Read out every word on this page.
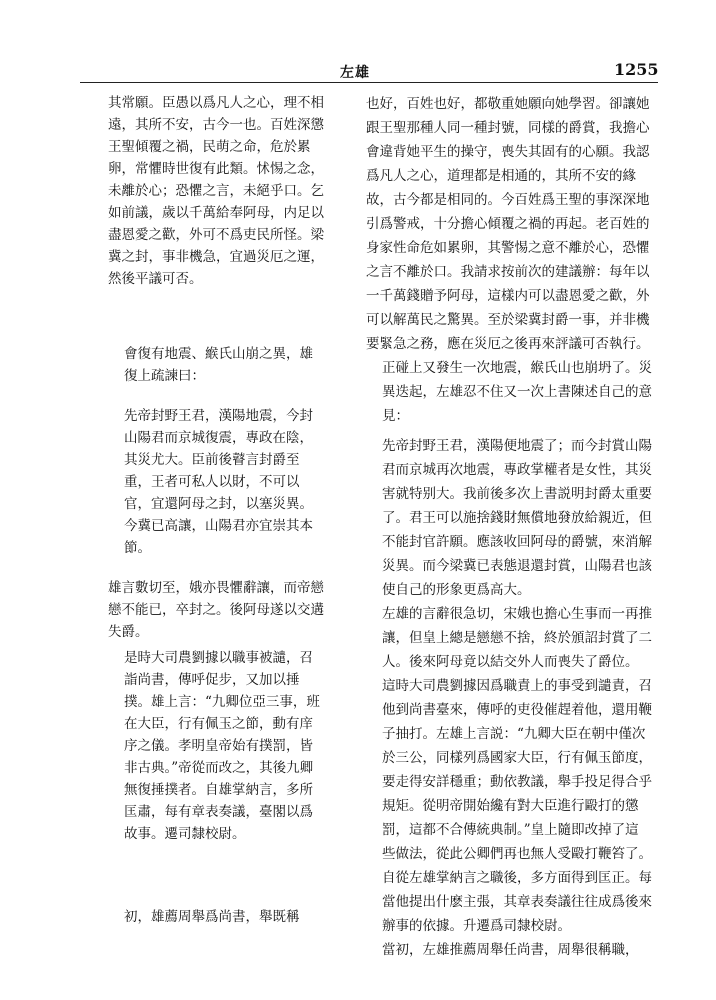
左雄	1255

其常願。臣愚以爲凡人之心，理不相遠，其所不安，古今一也。百姓深懲王聖傾覆之禍，民萌之命，危於累卵，常懼時世復有此類。怵惕之念，未離於心；恐懼之言，未絕乎口。乞如前議，歲以千萬給奉阿母，内足以盡恩愛之歡，外可不爲吏民所怪。梁冀之封，事非機急，宜過災厄之運，然後平議可否。

會復有地震、緱氏山崩之異，雄復上疏諫曰：

先帝封野王君，漢陽地震，今封山陽君而京城復震，專政在陰，其災尤大。臣前後瞽言封爵至重，王者可私人以財，不可以官，宜還阿母之封，以塞災異。今冀已高讓，山陽君亦宜崇其本節。

雄言數切至，娥亦畏懼辭讓，而帝戀戀不能已，卒封之。後阿母遂以交遘失爵。

是時大司農劉據以職事被譴，召詣尚書，傳呼促步，又加以捶撲。雄上言：“九卿位亞三事，班在大臣，行有佩玉之節，動有庠序之儀。孝明皇帝始有撲罰，皆非古典。”帝從而改之，其後九卿無復捶撲者。自雄掌納言，多所匡肅，每有章表奏議，臺閣以爲故事。遷司隸校尉。

初，雄薦周舉爲尚書，舉既稱

也好，百姓也好，都敬重她願向她學習。卻讓她跟王聖那種人同一種封號，同樣的爵賞，我擔心會違背她平生的操守，喪失其固有的心願。我認爲凡人之心，道理都是相通的，其所不安的緣故，古今都是相同的。今百姓爲王聖的事深深地引爲警戒，十分擔心傾覆之禍的再起。老百姓的身家性命危如累卵，其警惕之意不離於心，恐懼之言不離於口。我請求按前次的建議辦：每年以一千萬錢贈予阿母，這樣内可以盡恩愛之歡，外可以解萬民之驚異。至於梁冀封爵一事，并非機要緊急之務，應在災厄之後再來評議可否執行。

正碰上又發生一次地震，緱氏山也崩坍了。災異迭起，左雄忍不住又一次上書陳述自己的意見：

先帝封野王君，漢陽便地震了；而今封賞山陽君而京城再次地震，專政掌權者是女性，其災害就特别大。我前後多次上書説明封爵太重要了。君王可以施捨錢財無償地發放給親近，但不能封官許願。應該收回阿母的爵號，來消解災異。而今梁冀已表態退還封賞，山陽君也該使自己的形象更爲高大。

左雄的言辭很急切，宋娥也擔心生事而一再推讓，但皇上總是戀戀不捨，終於頒詔封賞了二人。後來阿母竟以結交外人而喪失了爵位。

這時大司農劉據因爲職責上的事受到譴責，召他到尚書臺來，傳呼的吏役催趕着他，還用鞭子抽打。左雄上言説：“九卿大臣在朝中僅次於三公，同樣列爲國家大臣，行有佩玉節度，要走得安詳穩重；動依教議，舉手投足得合乎規矩。從明帝開始纔有對大臣進行毆打的懲罰，這都不合傳統典制。”皇上隨即改掉了這些做法，從此公卿們再也無人受毆打鞭笞了。自從左雄掌納言之職後，多方面得到匡正。每當他提出什麽主張，其章表奏議往往成爲後來辦事的依據。升遷爲司隸校尉。

當初，左雄推薦周舉任尚書，周舉很稱職，
